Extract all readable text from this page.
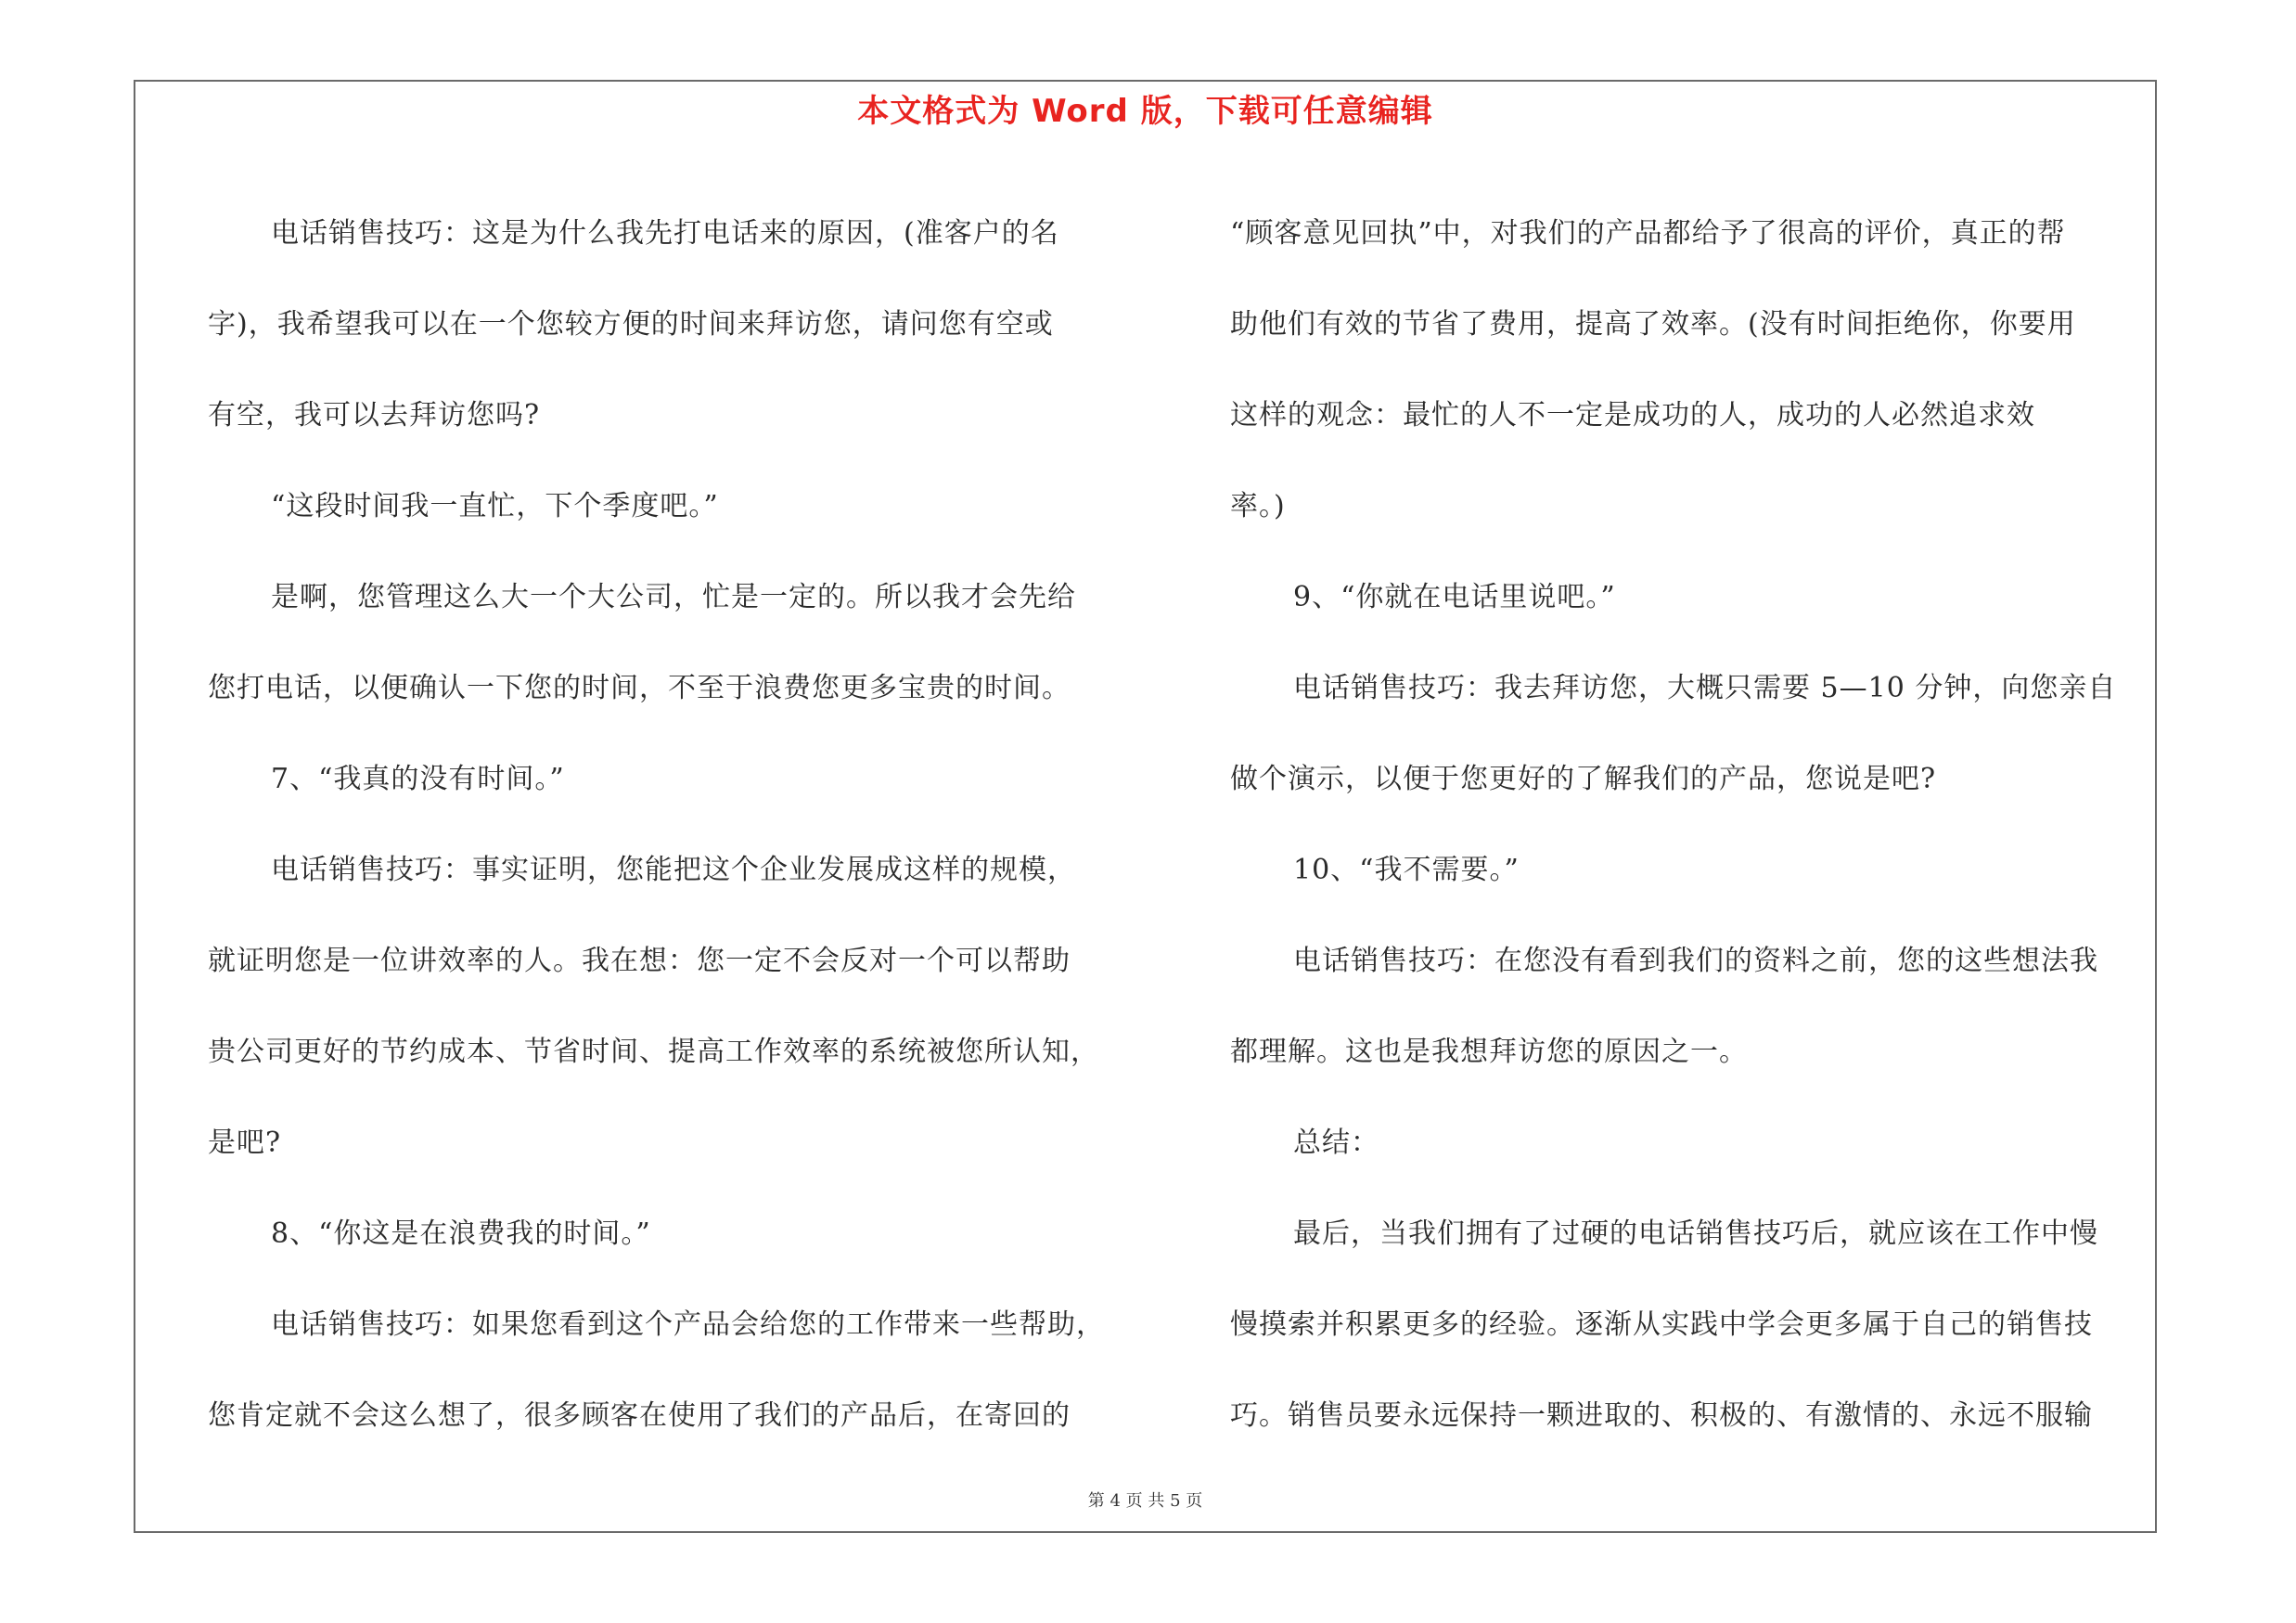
本文格式为 Word 版，下载可任意编辑

电话销售技巧：这是为什么我先打电话来的原因，(准客户的名

字)，我希望我可以在一个您较方便的时间来拜访您，请问您有空或

有空，我可以去拜访您吗?

“这段时间我一直忙，下个季度吧。”

是啊，您管理这么大一个大公司，忙是一定的。所以我才会先给

您打电话，以便确认一下您的时间，不至于浪费您更多宝贵的时间。

7、“我真的没有时间。”

电话销售技巧：事实证明，您能把这个企业发展成这样的规模，

就证明您是一位讲效率的人。我在想：您一定不会反对一个可以帮助

贵公司更好的节约成本、节省时间、提高工作效率的系统被您所认知，

是吧?

8、“你这是在浪费我的时间。”

电话销售技巧：如果您看到这个产品会给您的工作带来一些帮助，

您肯定就不会这么想了，很多顾客在使用了我们的产品后，在寄回的

“顾客意见回执”中，对我们的产品都给予了很高的评价，真正的帮

助他们有效的节省了费用，提高了效率。(没有时间拒绝你，你要用

这样的观念：最忙的人不一定是成功的人，成功的人必然追求效

率。)

9、“你就在电话里说吧。”

电话销售技巧：我去拜访您，大概只需要 5—10 分钟，向您亲自

做个演示，以便于您更好的了解我们的产品，您说是吧?

10、“我不需要。”

电话销售技巧：在您没有看到我们的资料之前，您的这些想法我

都理解。这也是我想拜访您的原因之一。

总结：

最后，当我们拥有了过硬的电话销售技巧后，就应该在工作中慢

慢摸索并积累更多的经验。逐渐从实践中学会更多属于自己的销售技

巧。销售员要永远保持一颗进取的、积极的、有激情的、永远不服输

第 4 页 共 5 页
